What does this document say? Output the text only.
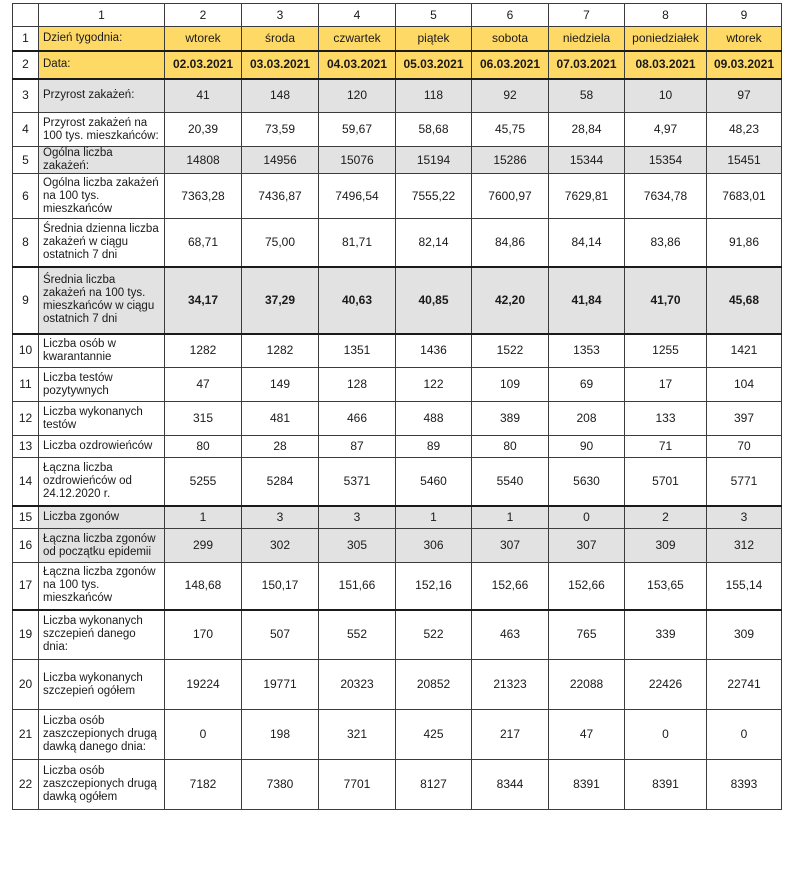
	1	2	3	4	5	6	7	8	9
1	Dzień tygodnia:	wtorek	środa	czwartek	piątek	sobota	niedziela	poniedziałek	wtorek
2	Data:	02.03.2021	03.03.2021	04.03.2021	05.03.2021	06.03.2021	07.03.2021	08.03.2021	09.03.2021
3	Przyrost zakażeń:	41	148	120	118	92	58	10	97
4	Przyrost zakażeń na 100 tys. mieszkańców:	20,39	73,59	59,67	58,68	45,75	28,84	4,97	48,23
5	Ogólna liczba zakażeń:	14808	14956	15076	15194	15286	15344	15354	15451
6	Ogólna liczba zakażeń na 100 tys. mieszkańców	7363,28	7436,87	7496,54	7555,22	7600,97	7629,81	7634,78	7683,01
8	Średnia dzienna liczba zakażeń w ciągu ostatnich 7 dni	68,71	75,00	81,71	82,14	84,86	84,14	83,86	91,86
9	Średnia liczba zakażeń na 100 tys. mieszkańców w ciągu ostatnich 7 dni	34,17	37,29	40,63	40,85	42,20	41,84	41,70	45,68
10	Liczba osób w kwarantannie	1282	1282	1351	1436	1522	1353	1255	1421
11	Liczba testów pozytywnych	47	149	128	122	109	69	17	104
12	Liczba wykonanych testów	315	481	466	488	389	208	133	397
13	Liczba ozdrowieńców	80	28	87	89	80	90	71	70
14	Łączna liczba ozdrowieńców od 24.12.2020 r.	5255	5284	5371	5460	5540	5630	5701	5771
15	Liczba zgonów	1	3	3	1	1	0	2	3
16	Łączna liczba zgonów od początku epidemii	299	302	305	306	307	307	309	312
17	Łączna liczba zgonów na 100 tys. mieszkańców	148,68	150,17	151,66	152,16	152,66	152,66	153,65	155,14
19	Liczba wykonanych szczepień danego dnia:	170	507	552	522	463	765	339	309
20	Liczba wykonanych szczepień ogółem	19224	19771	20323	20852	21323	22088	22426	22741
21	Liczba osób zaszczepionych drugą dawką danego dnia:	0	198	321	425	217	47	0	0
22	Liczba osób zaszczepionych drugą dawką ogółem	7182	7380	7701	8127	8344	8391	8391	8393
